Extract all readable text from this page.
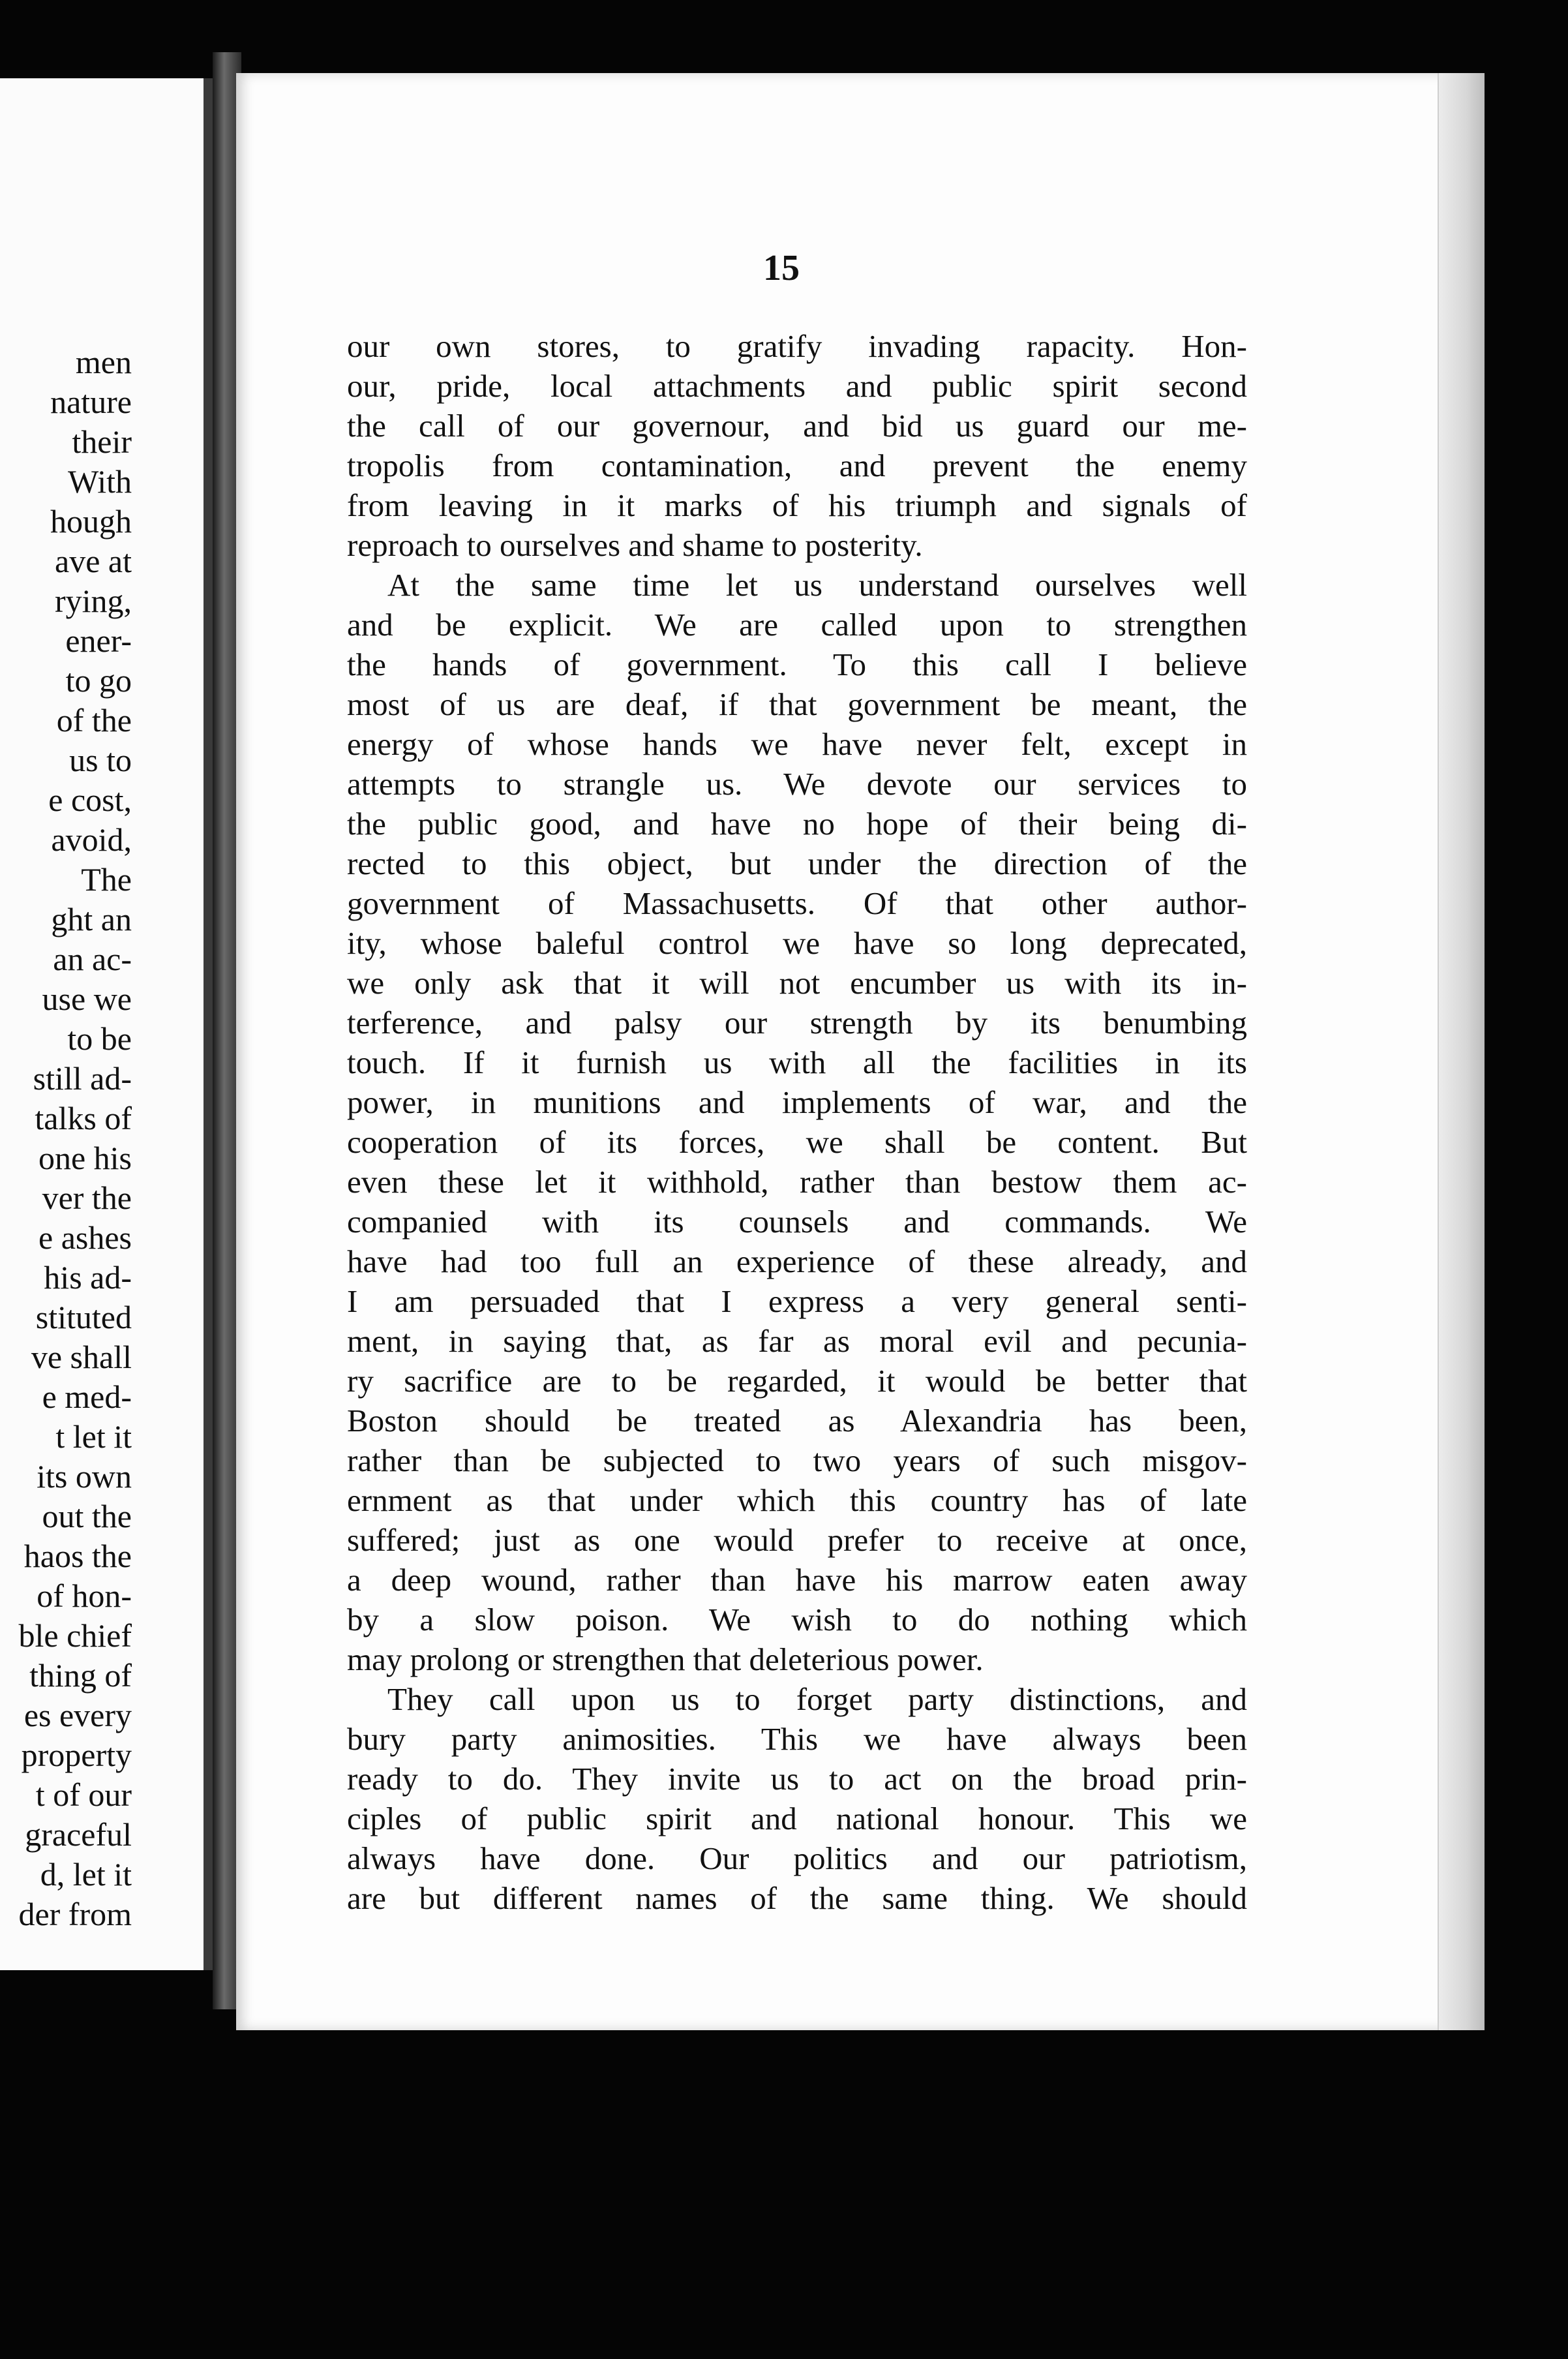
men
nature
their
With
hough
ave at
rying,
ener-
to go
of the
us to
e cost,
avoid,
The
ght an
an ac-
use we
to be
still ad-
talks of
one his
ver the
e ashes
his ad-
stituted
ve shall
e med-
t let it
its own
out the
haos the
of hon-
ble chief
thing of
es every
property
t of our
graceful
d, let it
der from
15
our own stores, to gratify invading rapacity. Hon-
our, pride, local attachments and public spirit second
the call of our governour, and bid us guard our me-
tropolis from contamination, and prevent the enemy
from leaving in it marks of his triumph and signals of
reproach to ourselves and shame to posterity.
At the same time let us understand ourselves well
and be explicit. We are called upon to strengthen
the hands of government. To this call I believe
most of us are deaf, if that government be meant, the
energy of whose hands we have never felt, except in
attempts to strangle us. We devote our services to
the public good, and have no hope of their being di-
rected to this object, but under the direction of the
government of Massachusetts. Of that other author-
ity, whose baleful control we have so long deprecated,
we only ask that it will not encumber us with its in-
terference, and palsy our strength by its benumbing
touch. If it furnish us with all the facilities in its
power, in munitions and implements of war, and the
cooperation of its forces, we shall be content. But
even these let it withhold, rather than bestow them ac-
companied with its counsels and commands. We
have had too full an experience of these already, and
I am persuaded that I express a very general senti-
ment, in saying that, as far as moral evil and pecunia-
ry sacrifice are to be regarded, it would be better that
Boston should be treated as Alexandria has been,
rather than be subjected to two years of such misgov-
ernment as that under which this country has of late
suffered; just as one would prefer to receive at once,
a deep wound, rather than have his marrow eaten away
by a slow poison. We wish to do nothing which
may prolong or strengthen that deleterious power.
They call upon us to forget party distinctions, and
bury party animosities. This we have always been
ready to do. They invite us to act on the broad prin-
ciples of public spirit and national honour. This we
always have done. Our politics and our patriotism,
are but different names of the same thing. We should
